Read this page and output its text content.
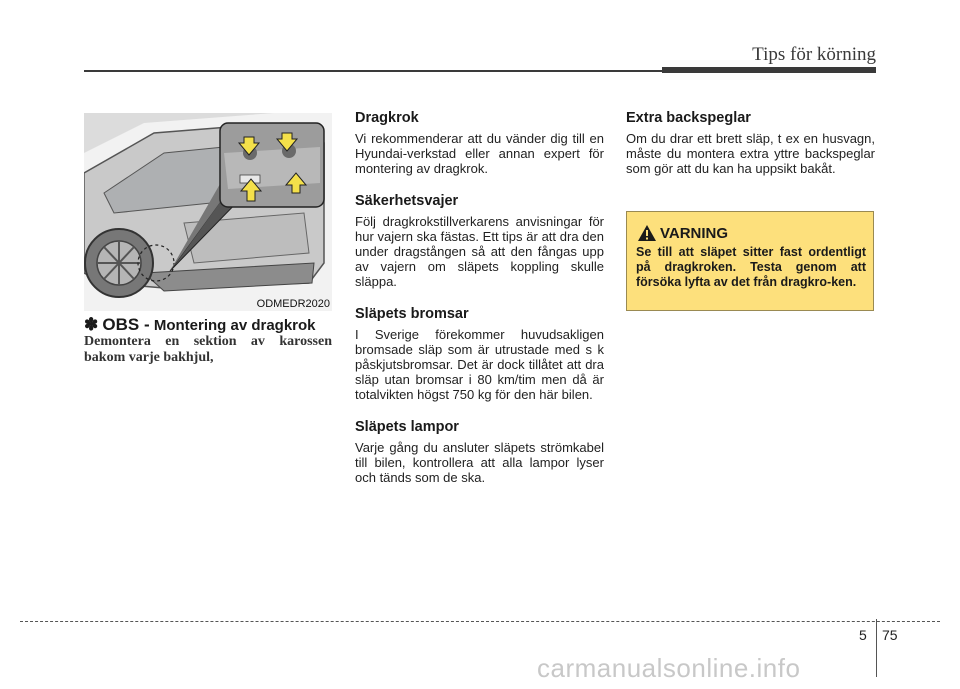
Tips för körning
ODMEDR2020
✽ OBS - Montering av dragkrok
Demontera en sektion av karossen bakom varje bakhjul,
Dragkrok

Vi rekommenderar att du vänder dig till en Hyundai-verkstad eller annan expert för montering av dragkrok.

Säkerhetsvajer

Följ dragkrokstillverkarens anvisningar för hur vajern ska fästas. Ett tips är att dra den under dragstången så att den fångas upp av vajern om släpets koppling skulle släppa.

Släpets bromsar

I Sverige förekommer huvudsakligen bromsade släp som är utrustade med s k påskjutsbromsar. Det är dock tillåtet att dra släp utan bromsar i 80 km/tim men då är totalvikten högst 750 kg för den här bilen.

Släpets lampor

Varje gång du ansluter släpets strömkabel till bilen, kontrollera att alla lampor lyser och tänds som de ska.

Extra backspeglar

Om du drar ett brett släp, t ex en husvagn, måste du montera extra yttre backspeglar som gör att du kan ha uppsikt bakåt.

VARNING
Se till att släpet sitter fast ordentligt på dragkroken. Testa genom att försöka lyfta av det från dragkro-ken.
5 75
carmanualsonline.info
